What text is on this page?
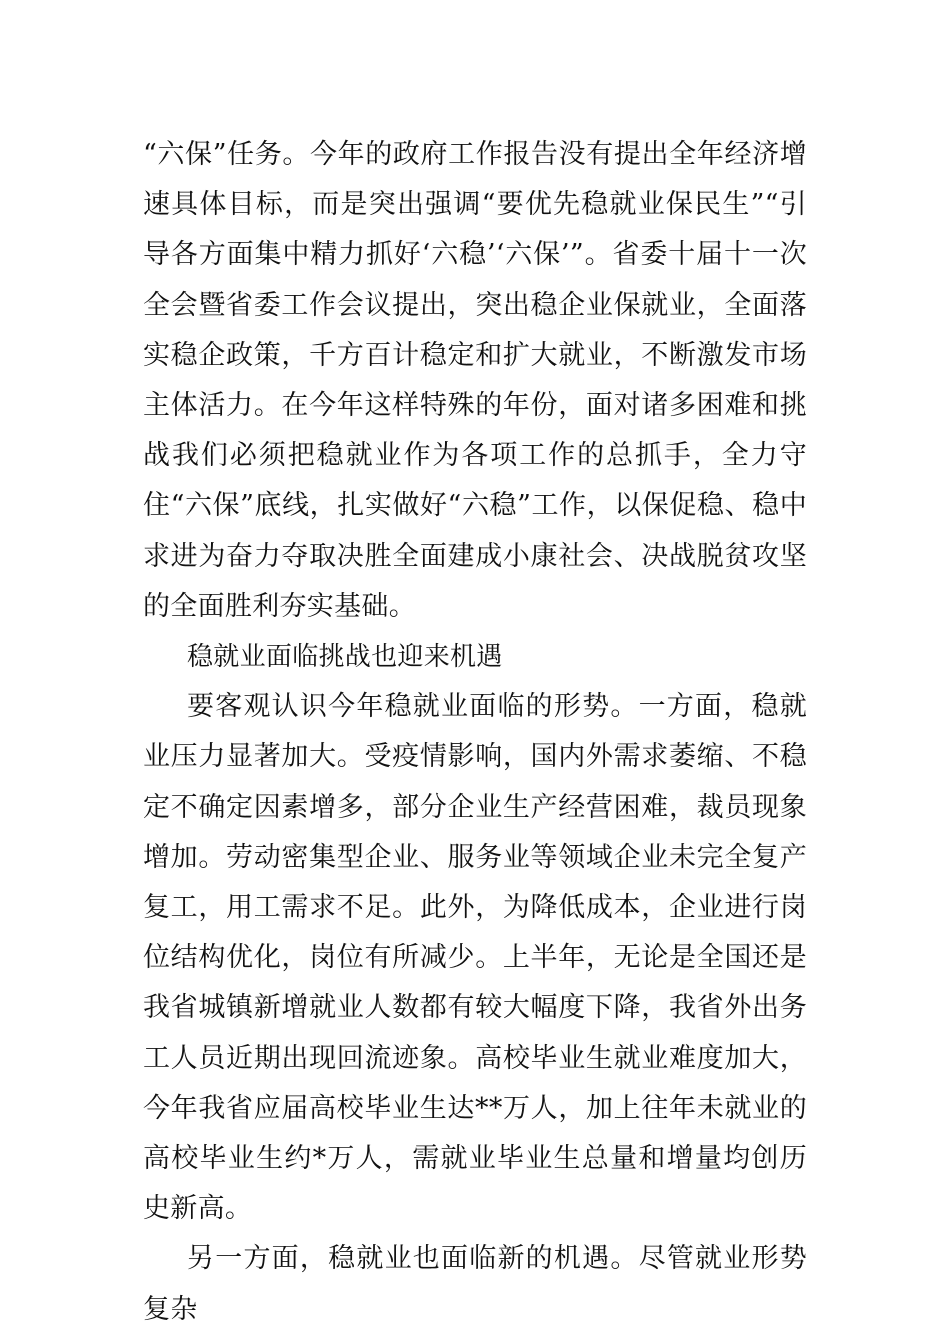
“六保”任务。今年的政府工作报告没有提出全年经济增速具体目标，而是突出强调“要优先稳就业保民生”“引导各方面集中精力抓好‘六稳’‘六保’”。省委十届十一次全会暨省委工作会议提出，突出稳企业保就业，全面落实稳企政策，千方百计稳定和扩大就业，不断激发市场主体活力。在今年这样特殊的年份，面对诸多困难和挑战我们必须把稳就业作为各项工作的总抓手，全力守住“六保”底线，扎实做好“六稳”工作，以保促稳、稳中求进为奋力夺取决胜全面建成小康社会、决战脱贫攻坚的全面胜利夯实基础。

稳就业面临挑战也迎来机遇

要客观认识今年稳就业面临的形势。一方面，稳就业压力显著加大。受疫情影响，国内外需求萎缩、不稳定不确定因素增多，部分企业生产经营困难，裁员现象增加。劳动密集型企业、服务业等领域企业未完全复产复工，用工需求不足。此外，为降低成本，企业进行岗位结构优化，岗位有所减少。上半年，无论是全国还是我省城镇新增就业人数都有较大幅度下降，我省外出务工人员近期出现回流迹象。高校毕业生就业难度加大，今年我省应届高校毕业生达**万人，加上往年未就业的高校毕业生约*万人，需就业毕业生总量和增量均创历史新高。

另一方面，稳就业也面临新的机遇。尽管就业形势复杂
